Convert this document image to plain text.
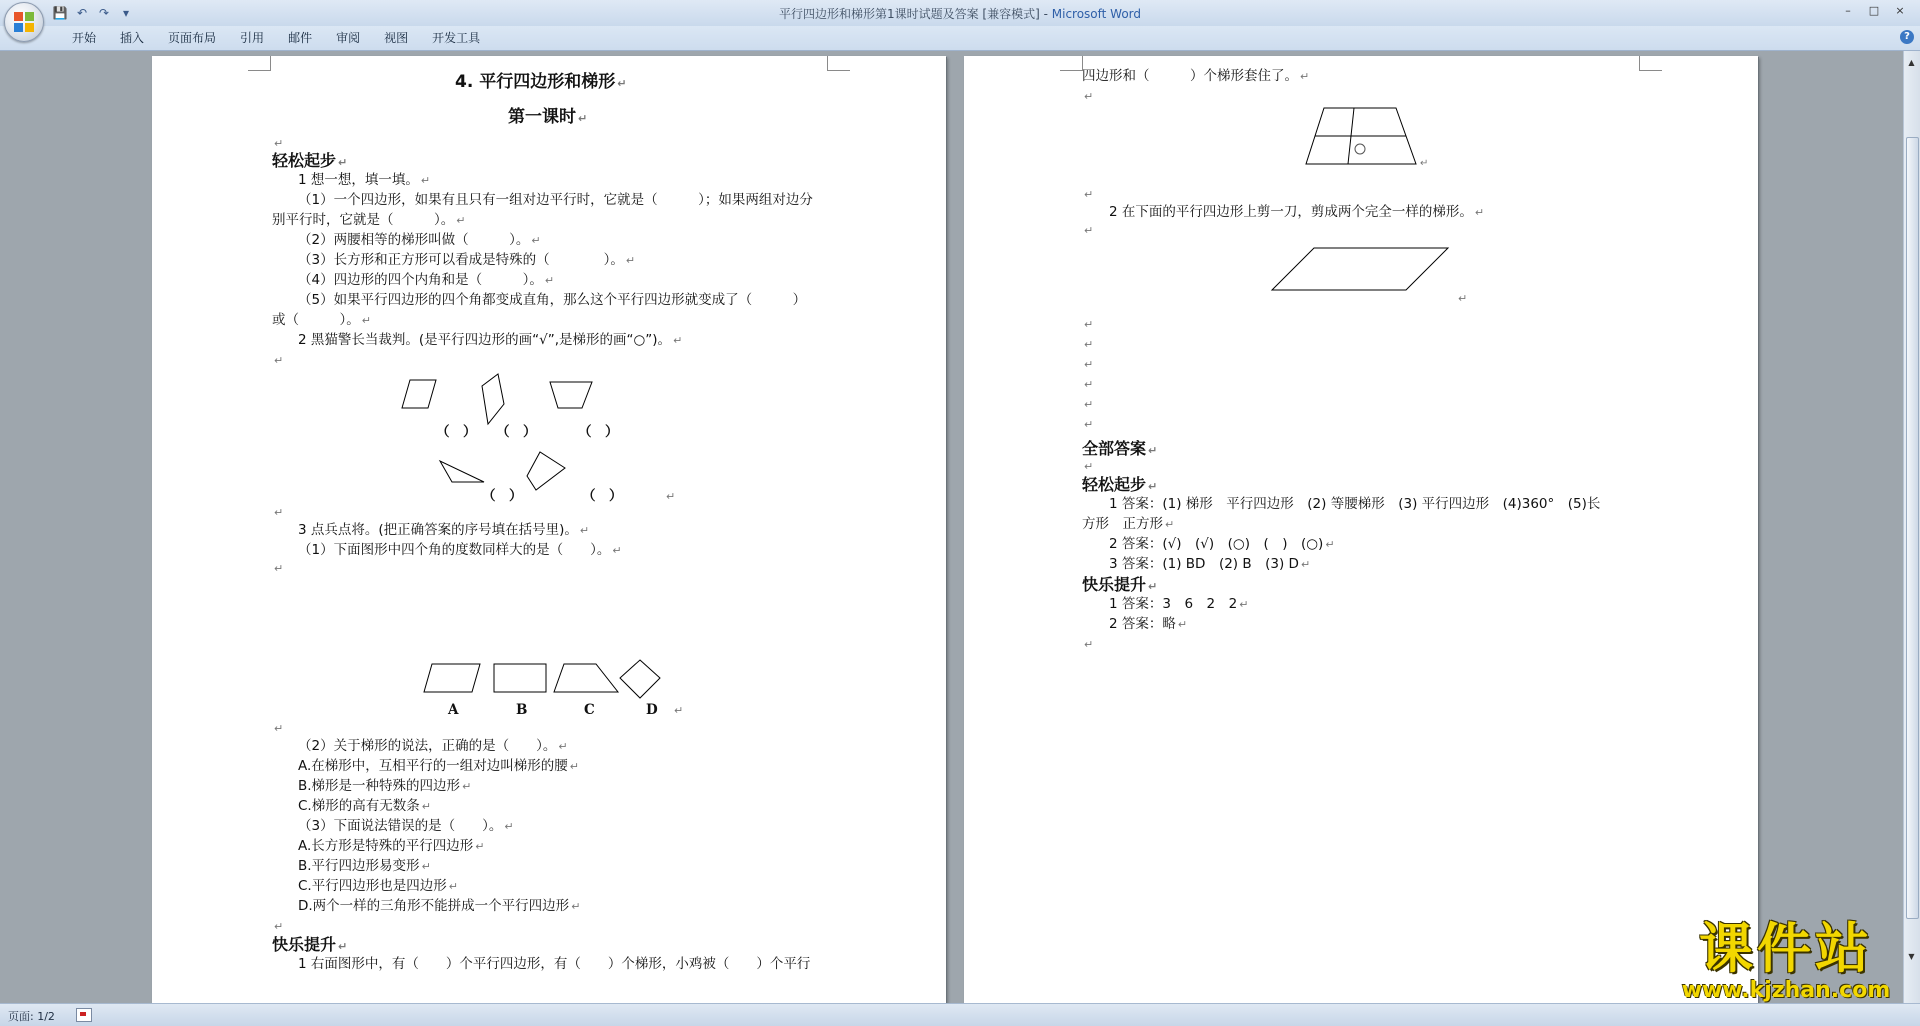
💾 ↶ ↷	▾	平行四边形和梯形第1课时试题及答案 [兼容模式] - Microsoft Word	–	□	×
开始	插入	页面布局	引用	邮件	审阅	视图	开发工具	?
4. 平行四边形和梯形 ↵
第一课时 ↵
↵
轻松起步 ↵
1 想一想，填一填。 ↵
（1）一个四边形，如果有且只有一组对边平行时，它就是（　　　）；如果两组对边分
别平行时，它就是（　　　）。 ↵
（2）两腰相等的梯形叫做（　　　）。 ↵
（3）长方形和正方形可以看成是特殊的（　　　　）。 ↵
（4）四边形的四个内角和是（　　　）。 ↵
（5）如果平行四边形的四个角都变成直角，那么这个平行四边形就变成了（　　　）
或（　　　）。 ↵
2 黑猫警长当裁判。(是平行四边形的画“√”,是梯形的画“○”)。 ↵
↵
（　） （　）	（　）
（　）	（　）	↵
↵
3 点兵点将。(把正确答案的序号填在括号里)。 ↵
（1）下面图形中四个角的度数同样大的是（　　）。 ↵
↵
A	B	C	D ↵
↵
（2）关于梯形的说法，正确的是（　　）。 ↵
A.在梯形中，互相平行的一组对边叫梯形的腰 ↵
B.梯形是一种特殊的四边形 ↵
C.梯形的高有无数条 ↵
（3）下面说法错误的是（　　）。 ↵
A.长方形是特殊的平行四边形 ↵
B.平行四边形易变形 ↵
C.平行四边形也是四边形 ↵
D.两个一样的三角形不能拼成一个平行四边形 ↵
↵
快乐提升 ↵
1 右面图形中，有（　　）个平行四边形，有（　　）个梯形，小鸡被（　　）个平行
四边形和（　　　）个梯形套住了。 ↵
↵
↵
↵
2 在下面的平行四边形上剪一刀，剪成两个完全一样的梯形。 ↵
↵
↵
↵
↵
↵
↵
↵
↵
全部答案 ↵
↵
轻松起步 ↵
1 答案：(1) 梯形　平行四边形　(2) 等腰梯形　(3) 平行四边形　(4)360°　(5)长
方形　正方形 ↵
2 答案：(√)　(√)　(○)　(　)　(○) ↵
3 答案：(1) BD　(2) B　(3) D ↵
快乐提升 ↵
1 答案：3　6　2　2 ↵
2 答案：略 ↵
↵
▲
▼
课件站
www.kjzhan.com
页面: 1/2
